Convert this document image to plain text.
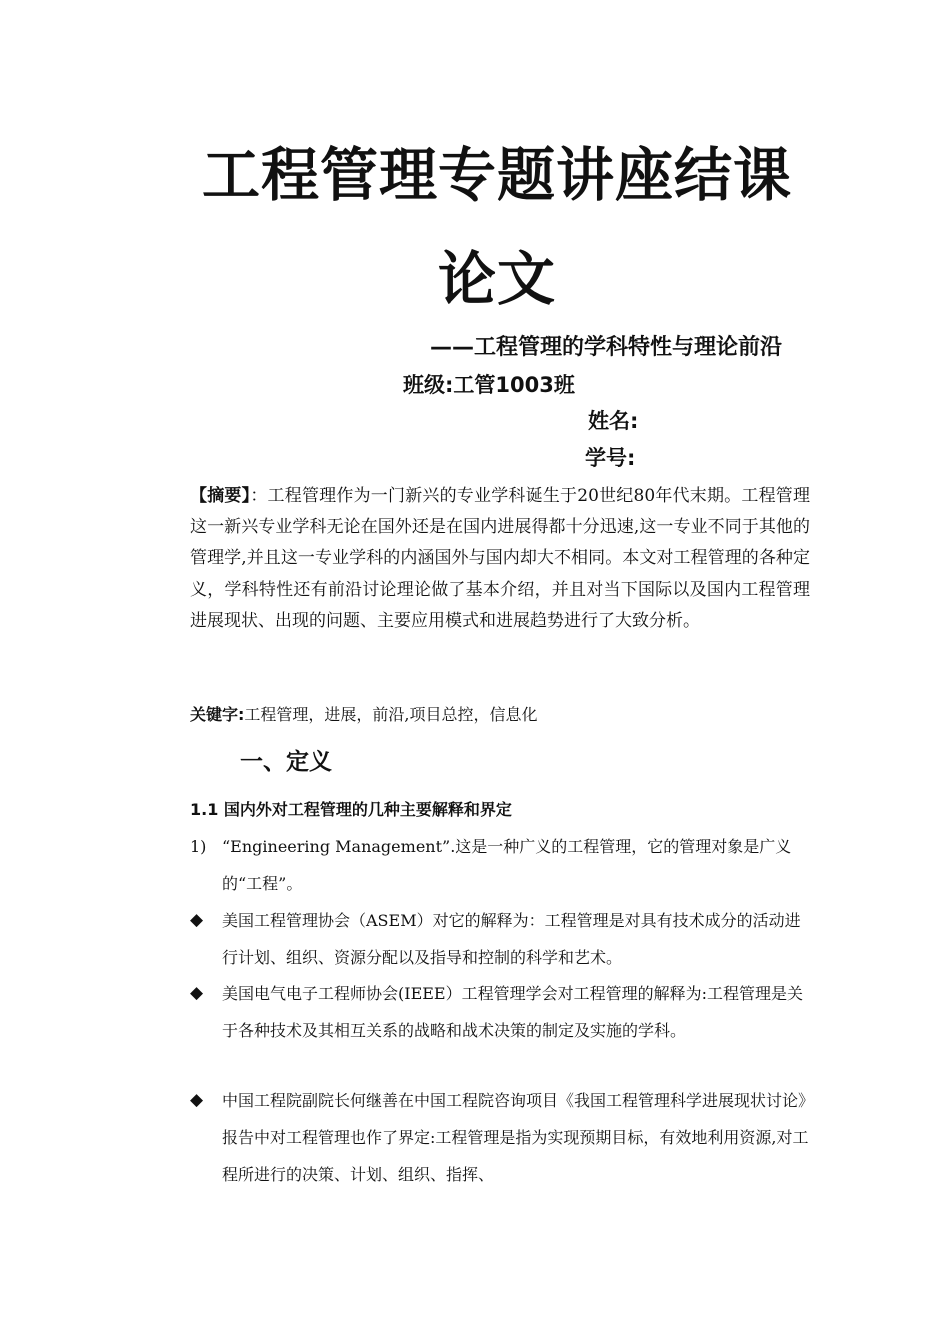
工程管理专题讲座结课
论文
——工程管理的学科特性与理论前沿
班级:工管1003班
姓名:
学号:
【摘要】：工程管理作为一门新兴的专业学科诞生于20世纪80年代末期。工程管理这一新兴专业学科无论在国外还是在国内进展得都十分迅速,这一专业不同于其他的管理学,并且这一专业学科的内涵国外与国内却大不相同。本文对工程管理的各种定义，学科特性还有前沿讨论理论做了基本介绍，并且对当下国际以及国内工程管理进展现状、出现的问题、主要应用模式和进展趋势进行了大致分析。
关键字:工程管理，进展，前沿,项目总控，信息化
一、定义
1.1 国内外对工程管理的几种主要解释和界定
1) “Engineering Management”.这是一种广义的工程管理，它的管理对象是广义的“工程”。
◆	美国工程管理协会（ASEM）对它的解释为：工程管理是对具有技术成分的活动进行计划、组织、资源分配以及指导和控制的科学和艺术。
◆	美国电气电子工程师协会(IEEE）工程管理学会对工程管理的解释为:工程管理是关于各种技术及其相互关系的战略和战术决策的制定及实施的学科。
◆	中国工程院副院长何继善在中国工程院咨询项目《我国工程管理科学进展现状讨论》报告中对工程管理也作了界定:工程管理是指为实现预期目标，有效地利用资源,对工程所进行的决策、计划、组织、指挥、
